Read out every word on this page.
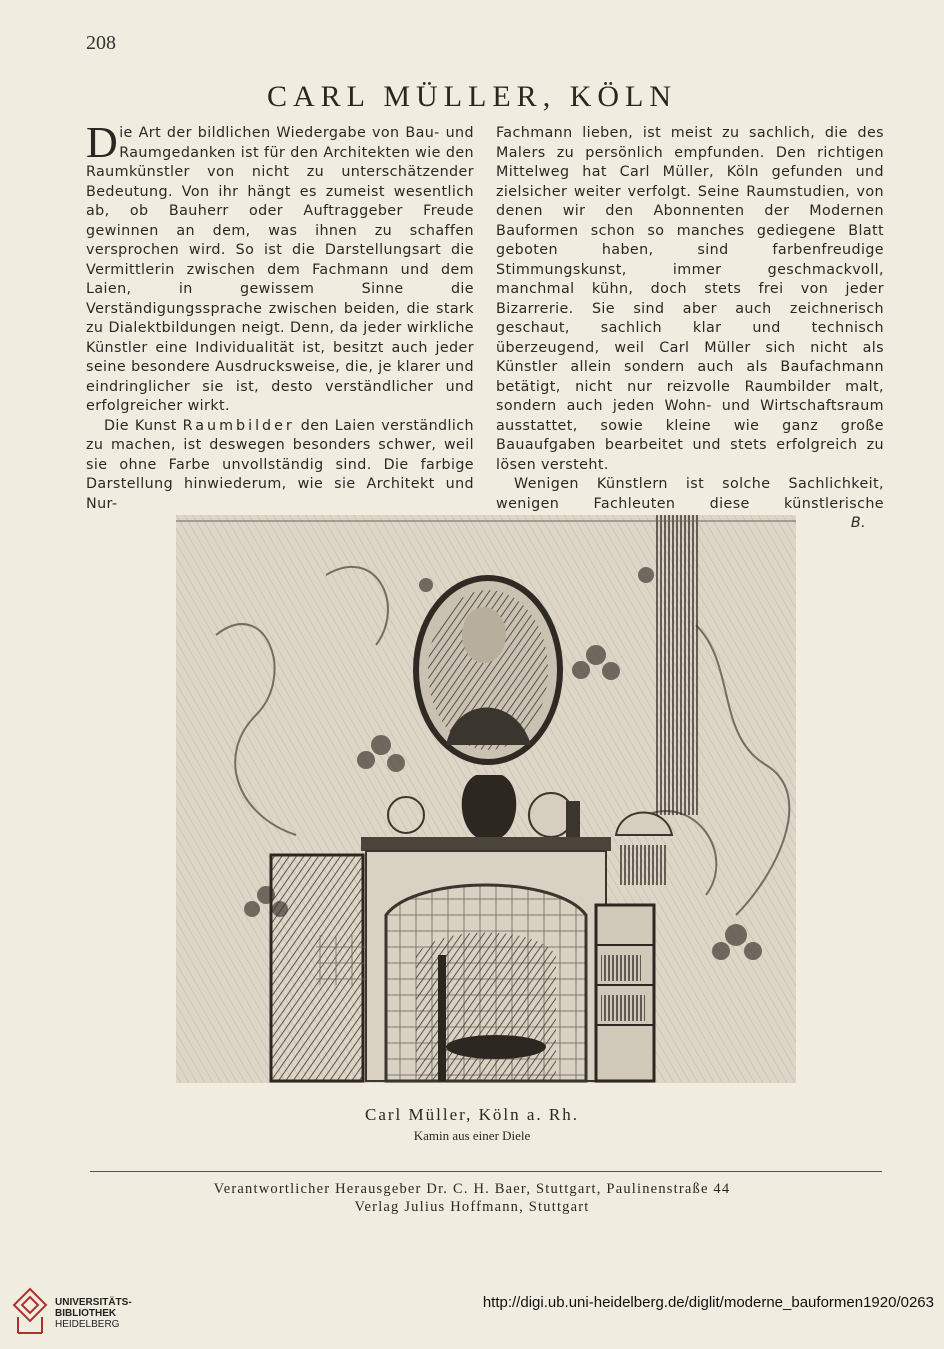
208
CARL MÜLLER, KÖLN

Die Art der bildlichen Wiedergabe von Bau- und Raumgedanken ist für den Architekten wie den Raumkünstler von nicht zu unterschätzender Bedeutung. Von ihr hängt es zumeist wesentlich ab, ob Bauherr oder Auftraggeber Freude gewinnen an dem, was ihnen zu schaffen versprochen wird. So ist die Darstellungsart die Vermittlerin zwischen dem Fachmann und dem Laien, in gewissem Sinne die Verständigungssprache zwischen beiden, die stark zu Dialektbildungen neigt. Denn, da jeder wirkliche Künstler eine Individualität ist, besitzt auch jeder seine besondere Ausdrucksweise, die, je klarer und eindringlicher sie ist, desto verständlicher und erfolgreicher wirkt.

Die Kunst Raumbilder den Laien verständlich zu machen, ist deswegen besonders schwer, weil sie ohne Farbe unvollständig sind. Die farbige Darstellung hinwiederum, wie sie Architekt und Nur-

Fachmann lieben, ist meist zu sachlich, die des Malers zu persönlich empfunden. Den richtigen Mittelweg hat Carl Müller, Köln gefunden und zielsicher weiter verfolgt. Seine Raumstudien, von denen wir den Abonnenten der Modernen Bauformen schon so manches gediegene Blatt geboten haben, sind farbenfreudige Stimmungskunst, immer geschmackvoll, manchmal kühn, doch stets frei von jeder Bizarrerie. Sie sind aber auch zeichnerisch geschaut, sachlich klar und technisch überzeugend, weil Carl Müller sich nicht als Künstler allein sondern auch als Baufachmann betätigt, nicht nur reizvolle Raumbilder malt, sondern auch jeden Wohn- und Wirtschaftsraum ausstattet, sowie kleine wie ganz große Bauaufgaben bearbeitet und stets erfolgreich zu lösen versteht.

Wenigen Künstlern ist solche Sachlichkeit, wenigen Fachleuten diese künstlerische
B.

Carl Müller, Köln a. Rh.
Kamin aus einer Diele
Verantwortlicher Herausgeber Dr. C. H. Baer, Stuttgart, Paulinenstraße 44
Verlag Julius Hoffmann, Stuttgart
UNIVERSITÄTS-
BIBLIOTHEK
HEIDELBERG
http://digi.ub.uni-heidelberg.de/diglit/moderne_bauformen1920/0263
